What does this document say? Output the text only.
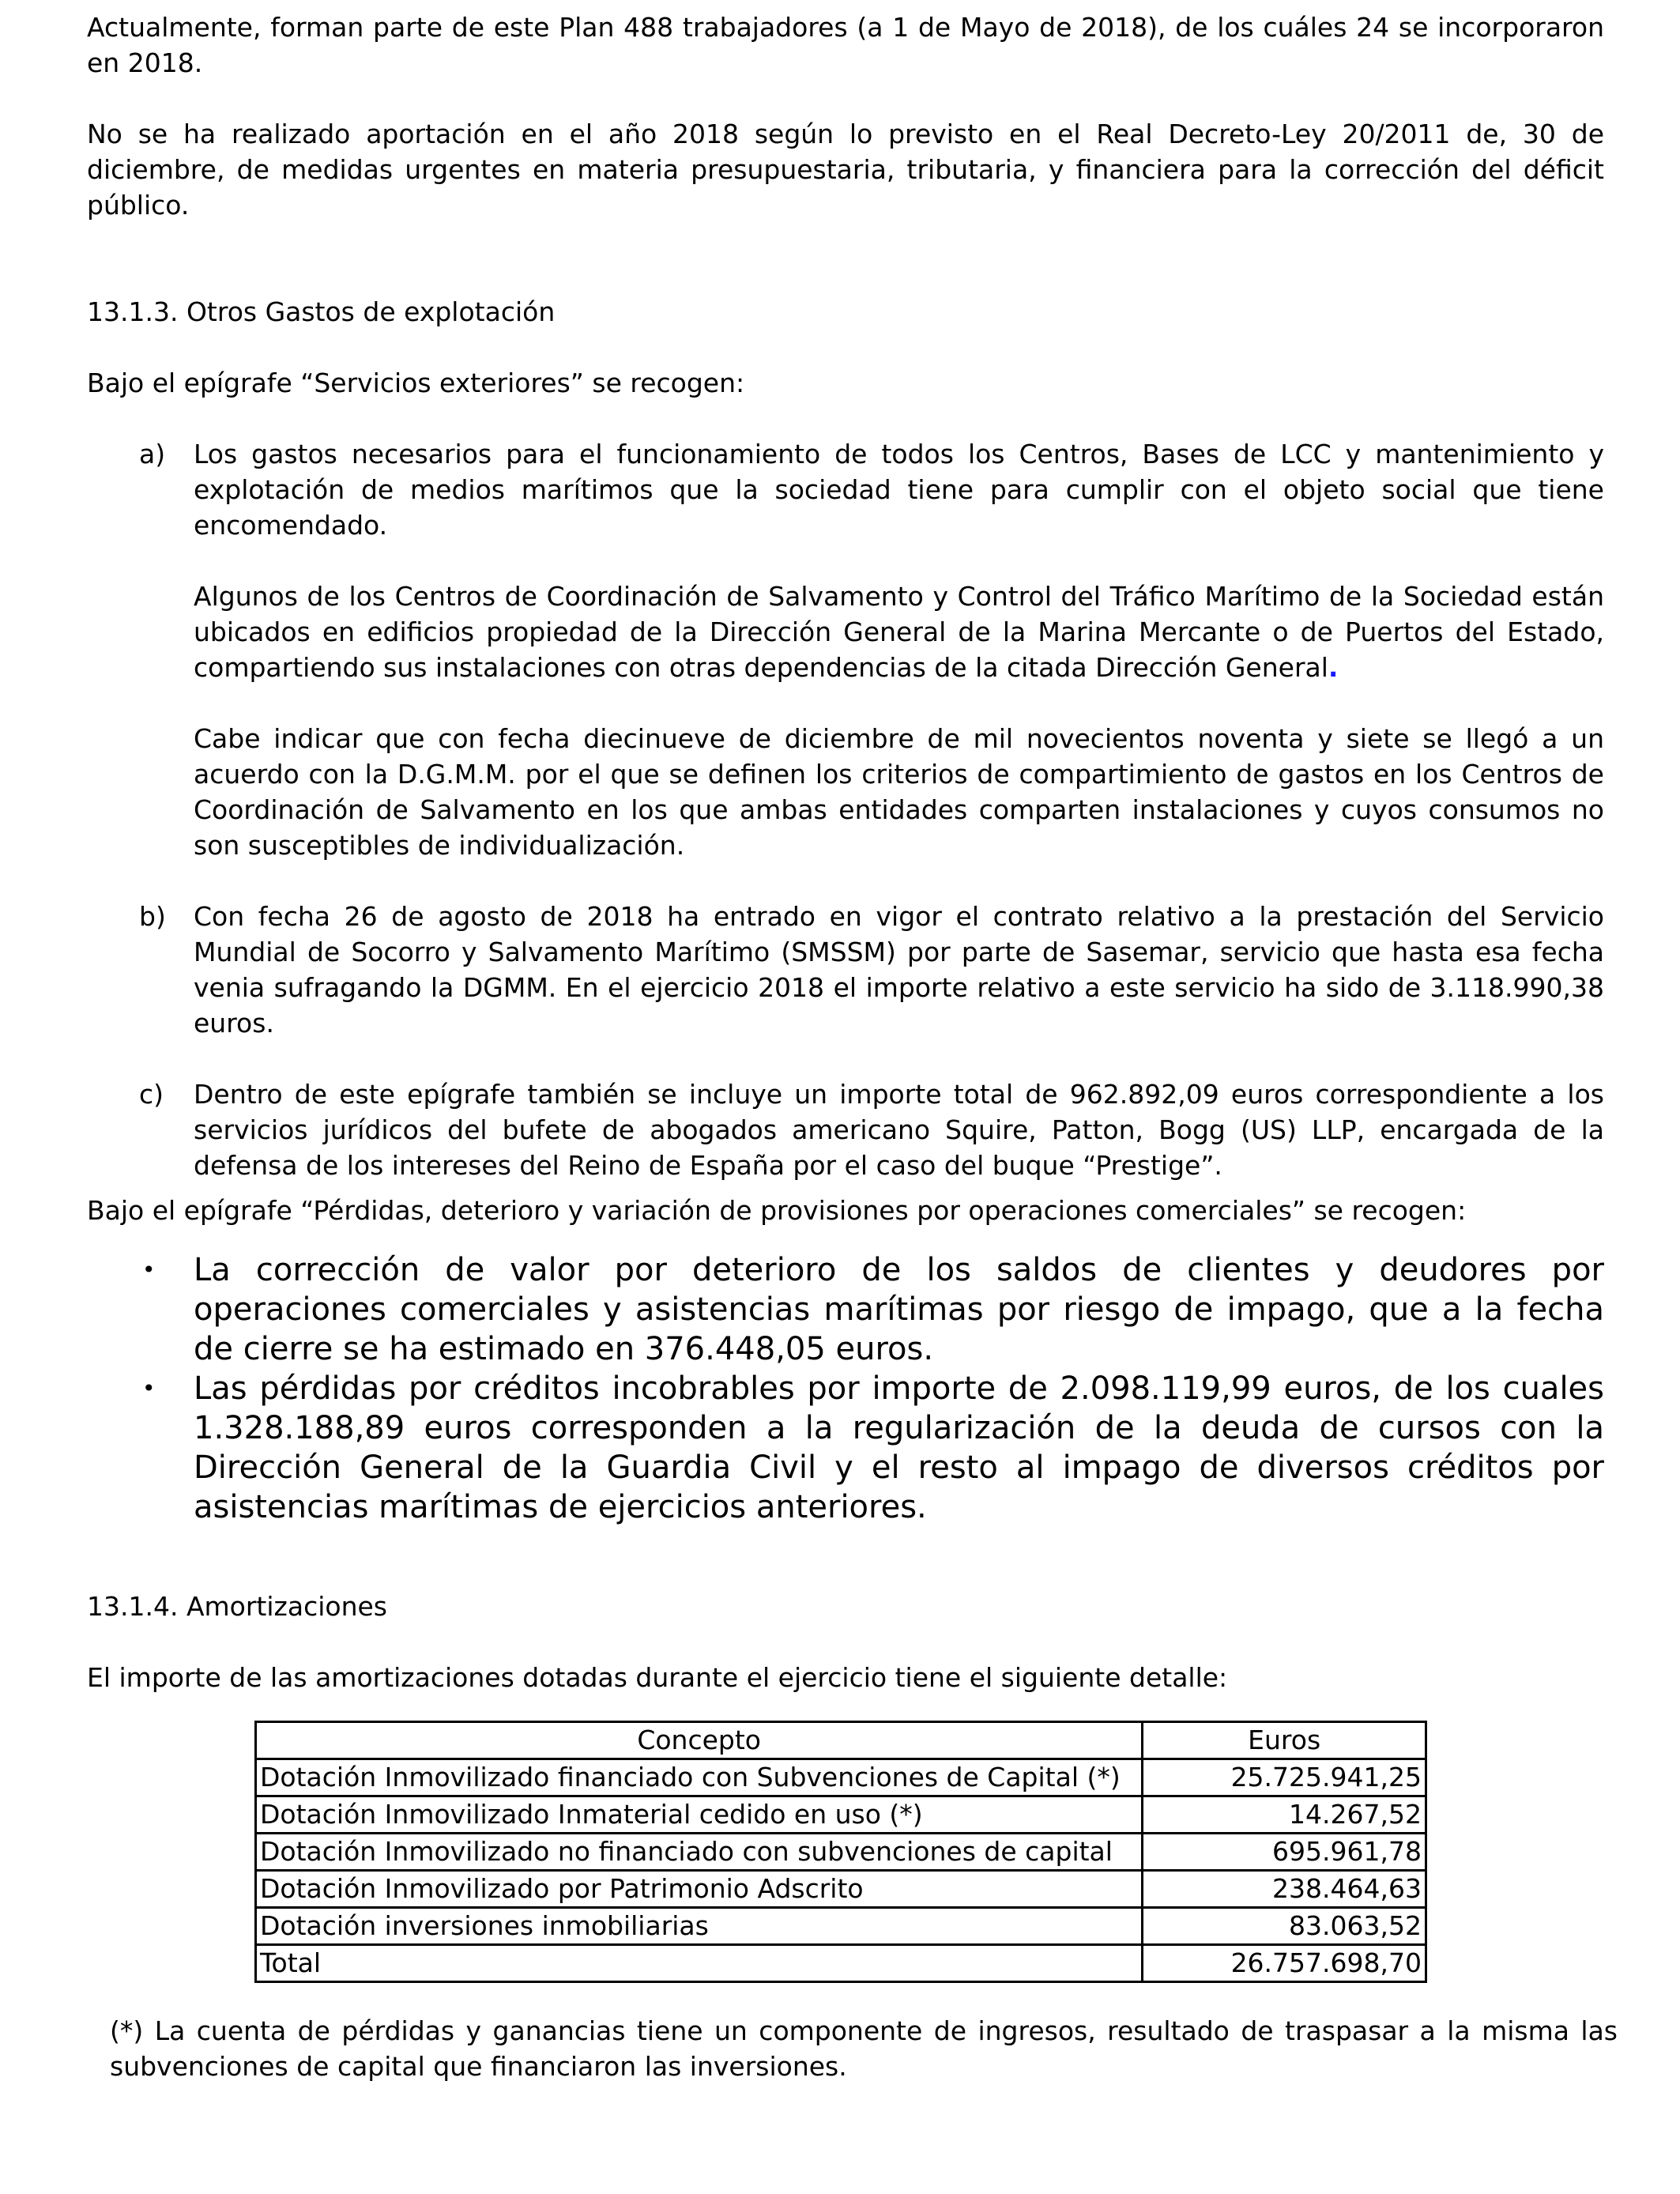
Actualmente, forman parte de este Plan 488 trabajadores (a 1 de Mayo de 2018), de los cuáles 24 se incorporaron en 2018.

No se ha realizado aportación en el año 2018 según lo previsto en el Real Decreto-Ley 20/2011 de, 30 de diciembre, de medidas urgentes en materia presupuestaria, tributaria, y financiera para la corrección del déficit público.

13.1.3. Otros Gastos de explotación

Bajo el epígrafe “Servicios exteriores” se recogen:

a) Los gastos necesarios para el funcionamiento de todos los Centros, Bases de LCC y mantenimiento y explotación de medios marítimos que la sociedad tiene para cumplir con el objeto social que tiene encomendado.

Algunos de los Centros de Coordinación de Salvamento y Control del Tráfico Marítimo de la Sociedad están ubicados en edificios propiedad de la Dirección General de la Marina Mercante o de Puertos del Estado, compartiendo sus instalaciones con otras dependencias de la citada Dirección General.

Cabe indicar que con fecha diecinueve de diciembre de mil novecientos noventa y siete se llegó a un acuerdo con la D.G.M.M. por el que se definen los criterios de compartimiento de gastos en los Centros de Coordinación de Salvamento en los que ambas entidades comparten instalaciones y cuyos consumos no son susceptibles de individualización.

b) Con fecha 26 de agosto de 2018 ha entrado en vigor el contrato relativo a la prestación del Servicio Mundial de Socorro y Salvamento Marítimo (SMSSM) por parte de Sasemar, servicio que hasta esa fecha venia sufragando la DGMM. En el ejercicio 2018 el importe relativo a este servicio ha sido de 3.118.990,38 euros.

c) Dentro de este epígrafe también se incluye un importe total de 962.892,09 euros correspondiente a los servicios jurídicos del bufete de abogados americano Squire, Patton, Bogg (US) LLP, encargada de la defensa de los intereses del Reino de España por el caso del buque “Prestige”.

Bajo el epígrafe “Pérdidas, deterioro y variación de provisiones por operaciones comerciales” se recogen:

• La corrección de valor por deterioro de los saldos de clientes y deudores por operaciones comerciales y asistencias marítimas por riesgo de impago, que a la fecha de cierre se ha estimado en 376.448,05 euros.

• Las pérdidas por créditos incobrables por importe de 2.098.119,99 euros, de los cuales 1.328.188,89 euros corresponden a la regularización de la deuda de cursos con la Dirección General de la Guardia Civil y el resto al impago de diversos créditos por asistencias marítimas de ejercicios anteriores.

13.1.4. Amortizaciones

El importe de las amortizaciones dotadas durante el ejercicio tiene el siguiente detalle:

Concepto	Euros
Dotación Inmovilizado financiado con Subvenciones de Capital (*)	25.725.941,25
Dotación Inmovilizado Inmaterial cedido en uso (*)	14.267,52
Dotación Inmovilizado no financiado con subvenciones de capital	695.961,78
Dotación Inmovilizado por Patrimonio Adscrito	238.464,63
Dotación inversiones inmobiliarias	83.063,52
Total	26.757.698,70

(*) La cuenta de pérdidas y ganancias tiene un componente de ingresos, resultado de traspasar a la misma las subvenciones de capital que financiaron las inversiones.
